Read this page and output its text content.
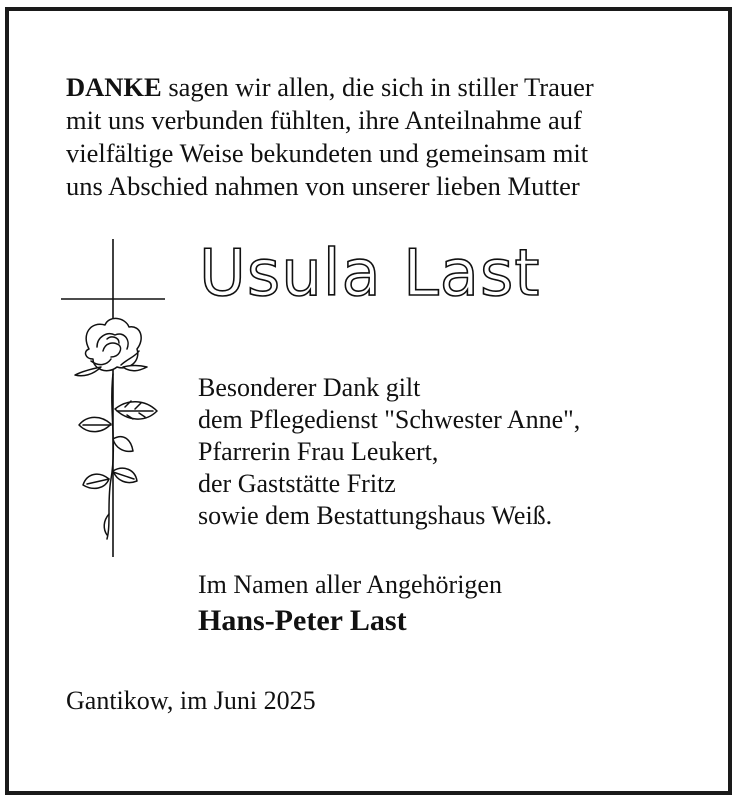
DANKE sagen wir allen, die sich in stiller Trauer

mit uns verbunden fühlten, ihre Anteilnahme auf

vielfältige Weise bekundeten und gemeinsam mit

uns Abschied nahmen von unserer lieben Mutter

Usula Last

Besonderer Dank gilt

dem Pflegedienst "Schwester Anne",

Pfarrerin Frau Leukert,

der Gaststätte Fritz

sowie dem Bestattungshaus Weiß.

Im Namen aller Angehörigen

Hans-Peter Last

Gantikow, im Juni 2025
